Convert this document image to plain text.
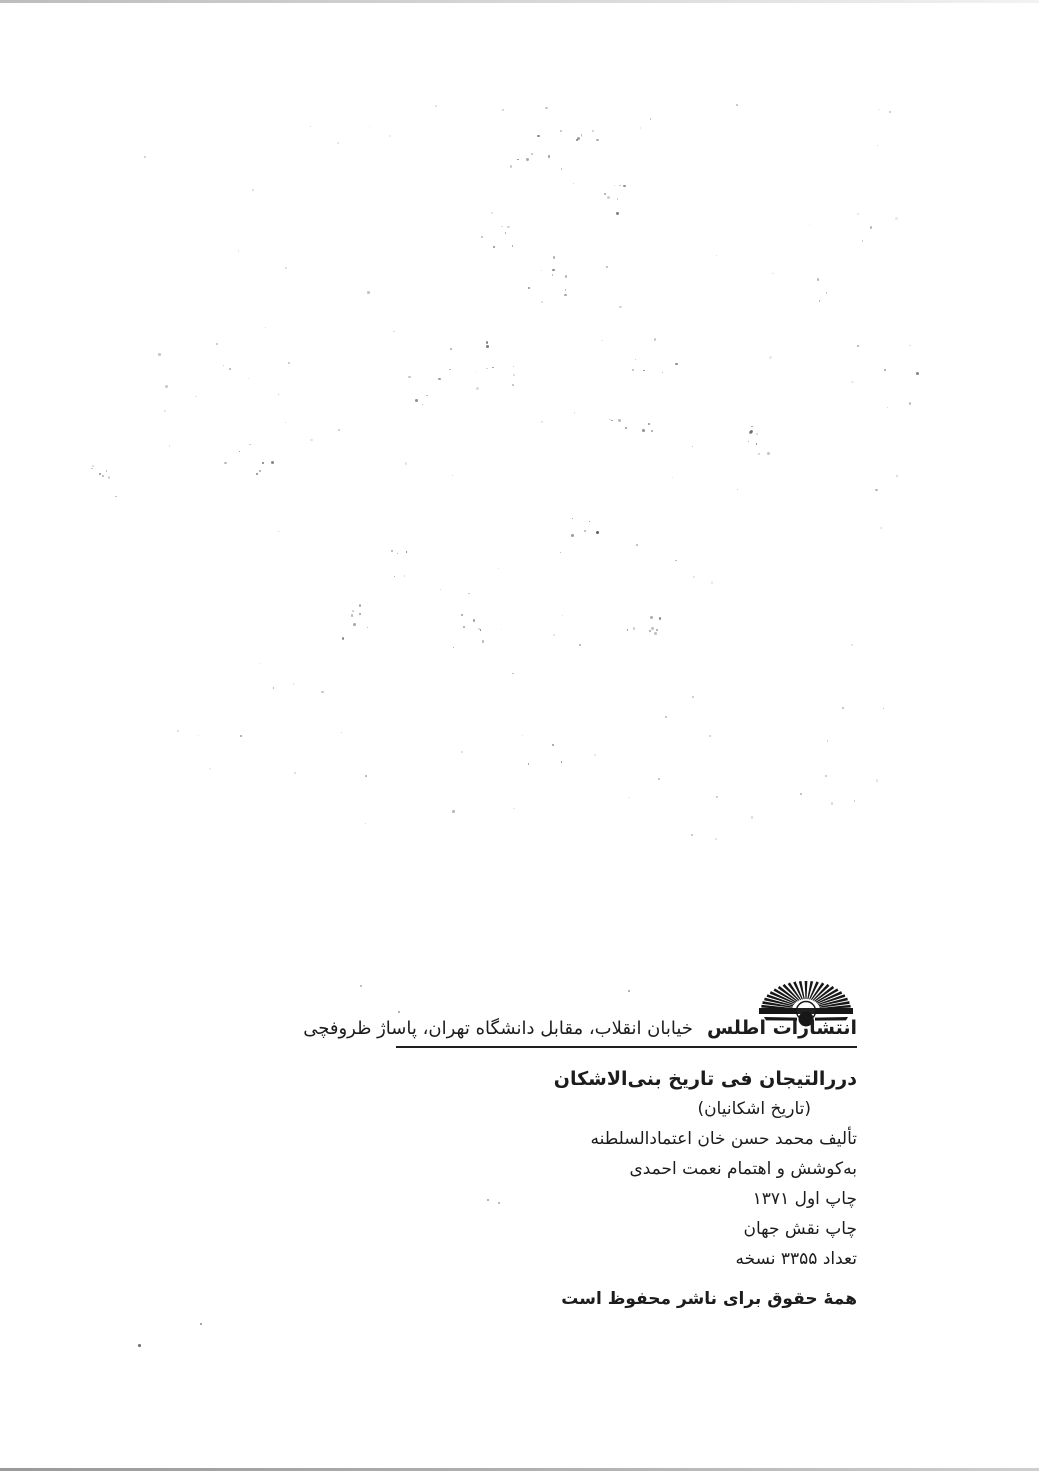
انتشارات اطلس
خیابان انقلاب، مقابل دانشگاه تهران، پاساژ ظروفچی
دررالتیجان فی تاریخ بنی‌الاشکان
(تاریخ اشکانیان)
تألیف محمد حسن خان اعتمادالسلطنه
به‌کوشش و اهتمام نعمت احمدی
چاپ اول ۱۳۷۱
چاپ نقش جهان
تعداد ۳۳۵۵ نسخه
همهٔ حقوق برای ناشر محفوظ است
